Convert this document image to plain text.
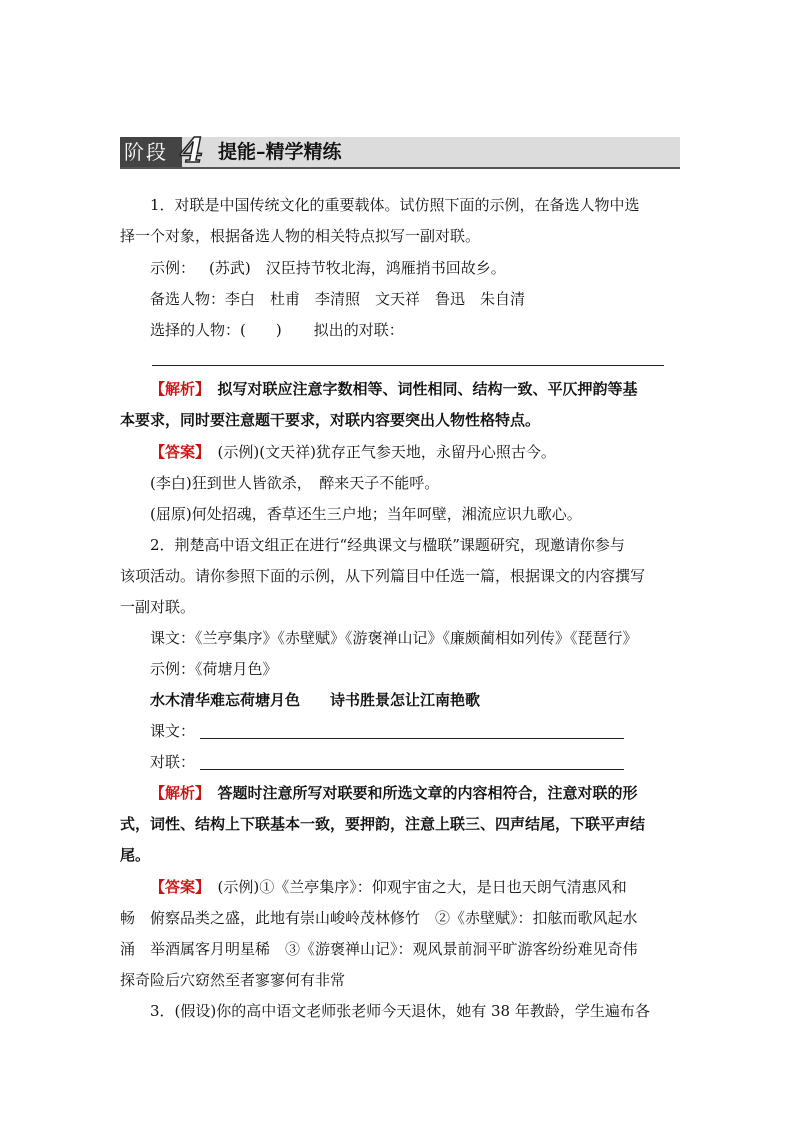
阶段 4 提能–精学精练
1．对联是中国传统文化的重要载体。试仿照下面的示例，在备选人物中选
择一个对象，根据备选人物的相关特点拟写一副对联。
示例： (苏武)　汉臣持节牧北海，鸿雁捎书回故乡。
备选人物：李白　杜甫　李清照　文天祥　鲁迅　朱自清
选择的人物：(　　) 拟出的对联：
【解析】　拟写对联应注意字数相等、词性相同、结构一致、平仄押韵等基
本要求，同时要注意题干要求，对联内容要突出人物性格特点。
【答案】　(示例)(文天祥)犹存正气参天地，永留丹心照古今。
(李白)狂到世人皆欲杀，　醉来天子不能呼。
(屈原)何处招魂，香草还生三户地；当年呵壁，湘流应识九歌心。
2．荆楚高中语文组正在进行“经典课文与楹联”课题研究，现邀请你参与
该项活动。请你参照下面的示例，从下列篇目中任选一篇，根据课文的内容撰写
一副对联。
课文：《兰亭集序》《赤壁赋》《游褒禅山记》《廉颇蔺相如列传》《琵琶行》
示例：《荷塘月色》
水木清华难忘荷塘月色　　诗书胜景怎让江南艳歌
课文：
对联：
【解析】　答题时注意所写对联要和所选文章的内容相符合，注意对联的形
式，词性、结构上下联基本一致，要押韵，注意上联三、四声结尾，下联平声结
尾。
【答案】　(示例)①《兰亭集序》：仰观宇宙之大，是日也天朗气清惠风和
畅　俯察品类之盛，此地有崇山峻岭茂林修竹　②《赤壁赋》：扣舷而歌风起水
涌　举酒属客月明星稀　③《游褒禅山记》：观风景前洞平旷游客纷纷难见奇伟
探奇险后穴窈然至者寥寥何有非常
3．(假设)你的高中语文老师张老师今天退休，她有 38 年教龄，学生遍布各
